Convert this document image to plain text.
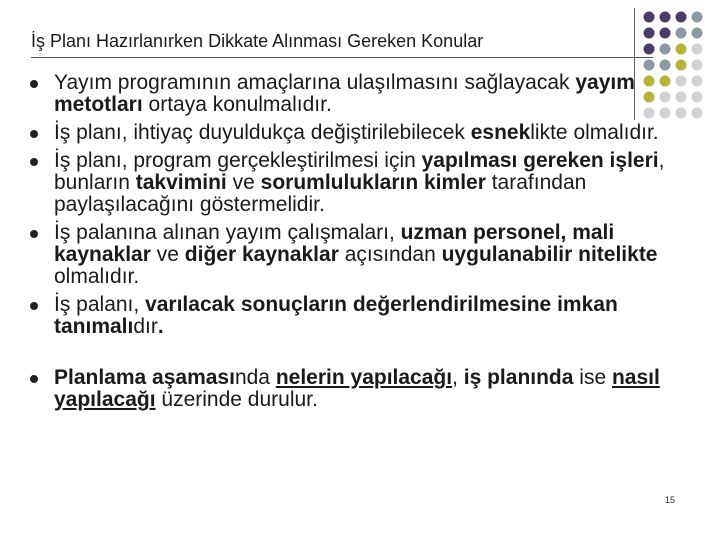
İş Planı Hazırlanırken Dikkate Alınması Gereken Konular
Yayım programının amaçlarına ulaşılmasını sağlayacak yayım metotları ortaya konulmalıdır.
İş planı, ihtiyaç duyuldukça değiştirilebilecek esneklikte olmalıdır.
İş planı, program gerçekleştirilmesi için yapılması gereken işleri, bunların takvimini ve sorumlulukların kimler tarafından paylaşılacağını göstermelidir.
İş palanına alınan yayım çalışmaları, uzman personel, mali kaynaklar ve diğer kaynaklar açısından uygulanabilir nitelikte olmalıdır.
İş palanı, varılacak sonuçların değerlendirilmesine imkan tanımalıdır.
Planlama aşamasında nelerin yapılacağı, iş planında ise nasıl yapılacağı üzerinde durulur.
15
